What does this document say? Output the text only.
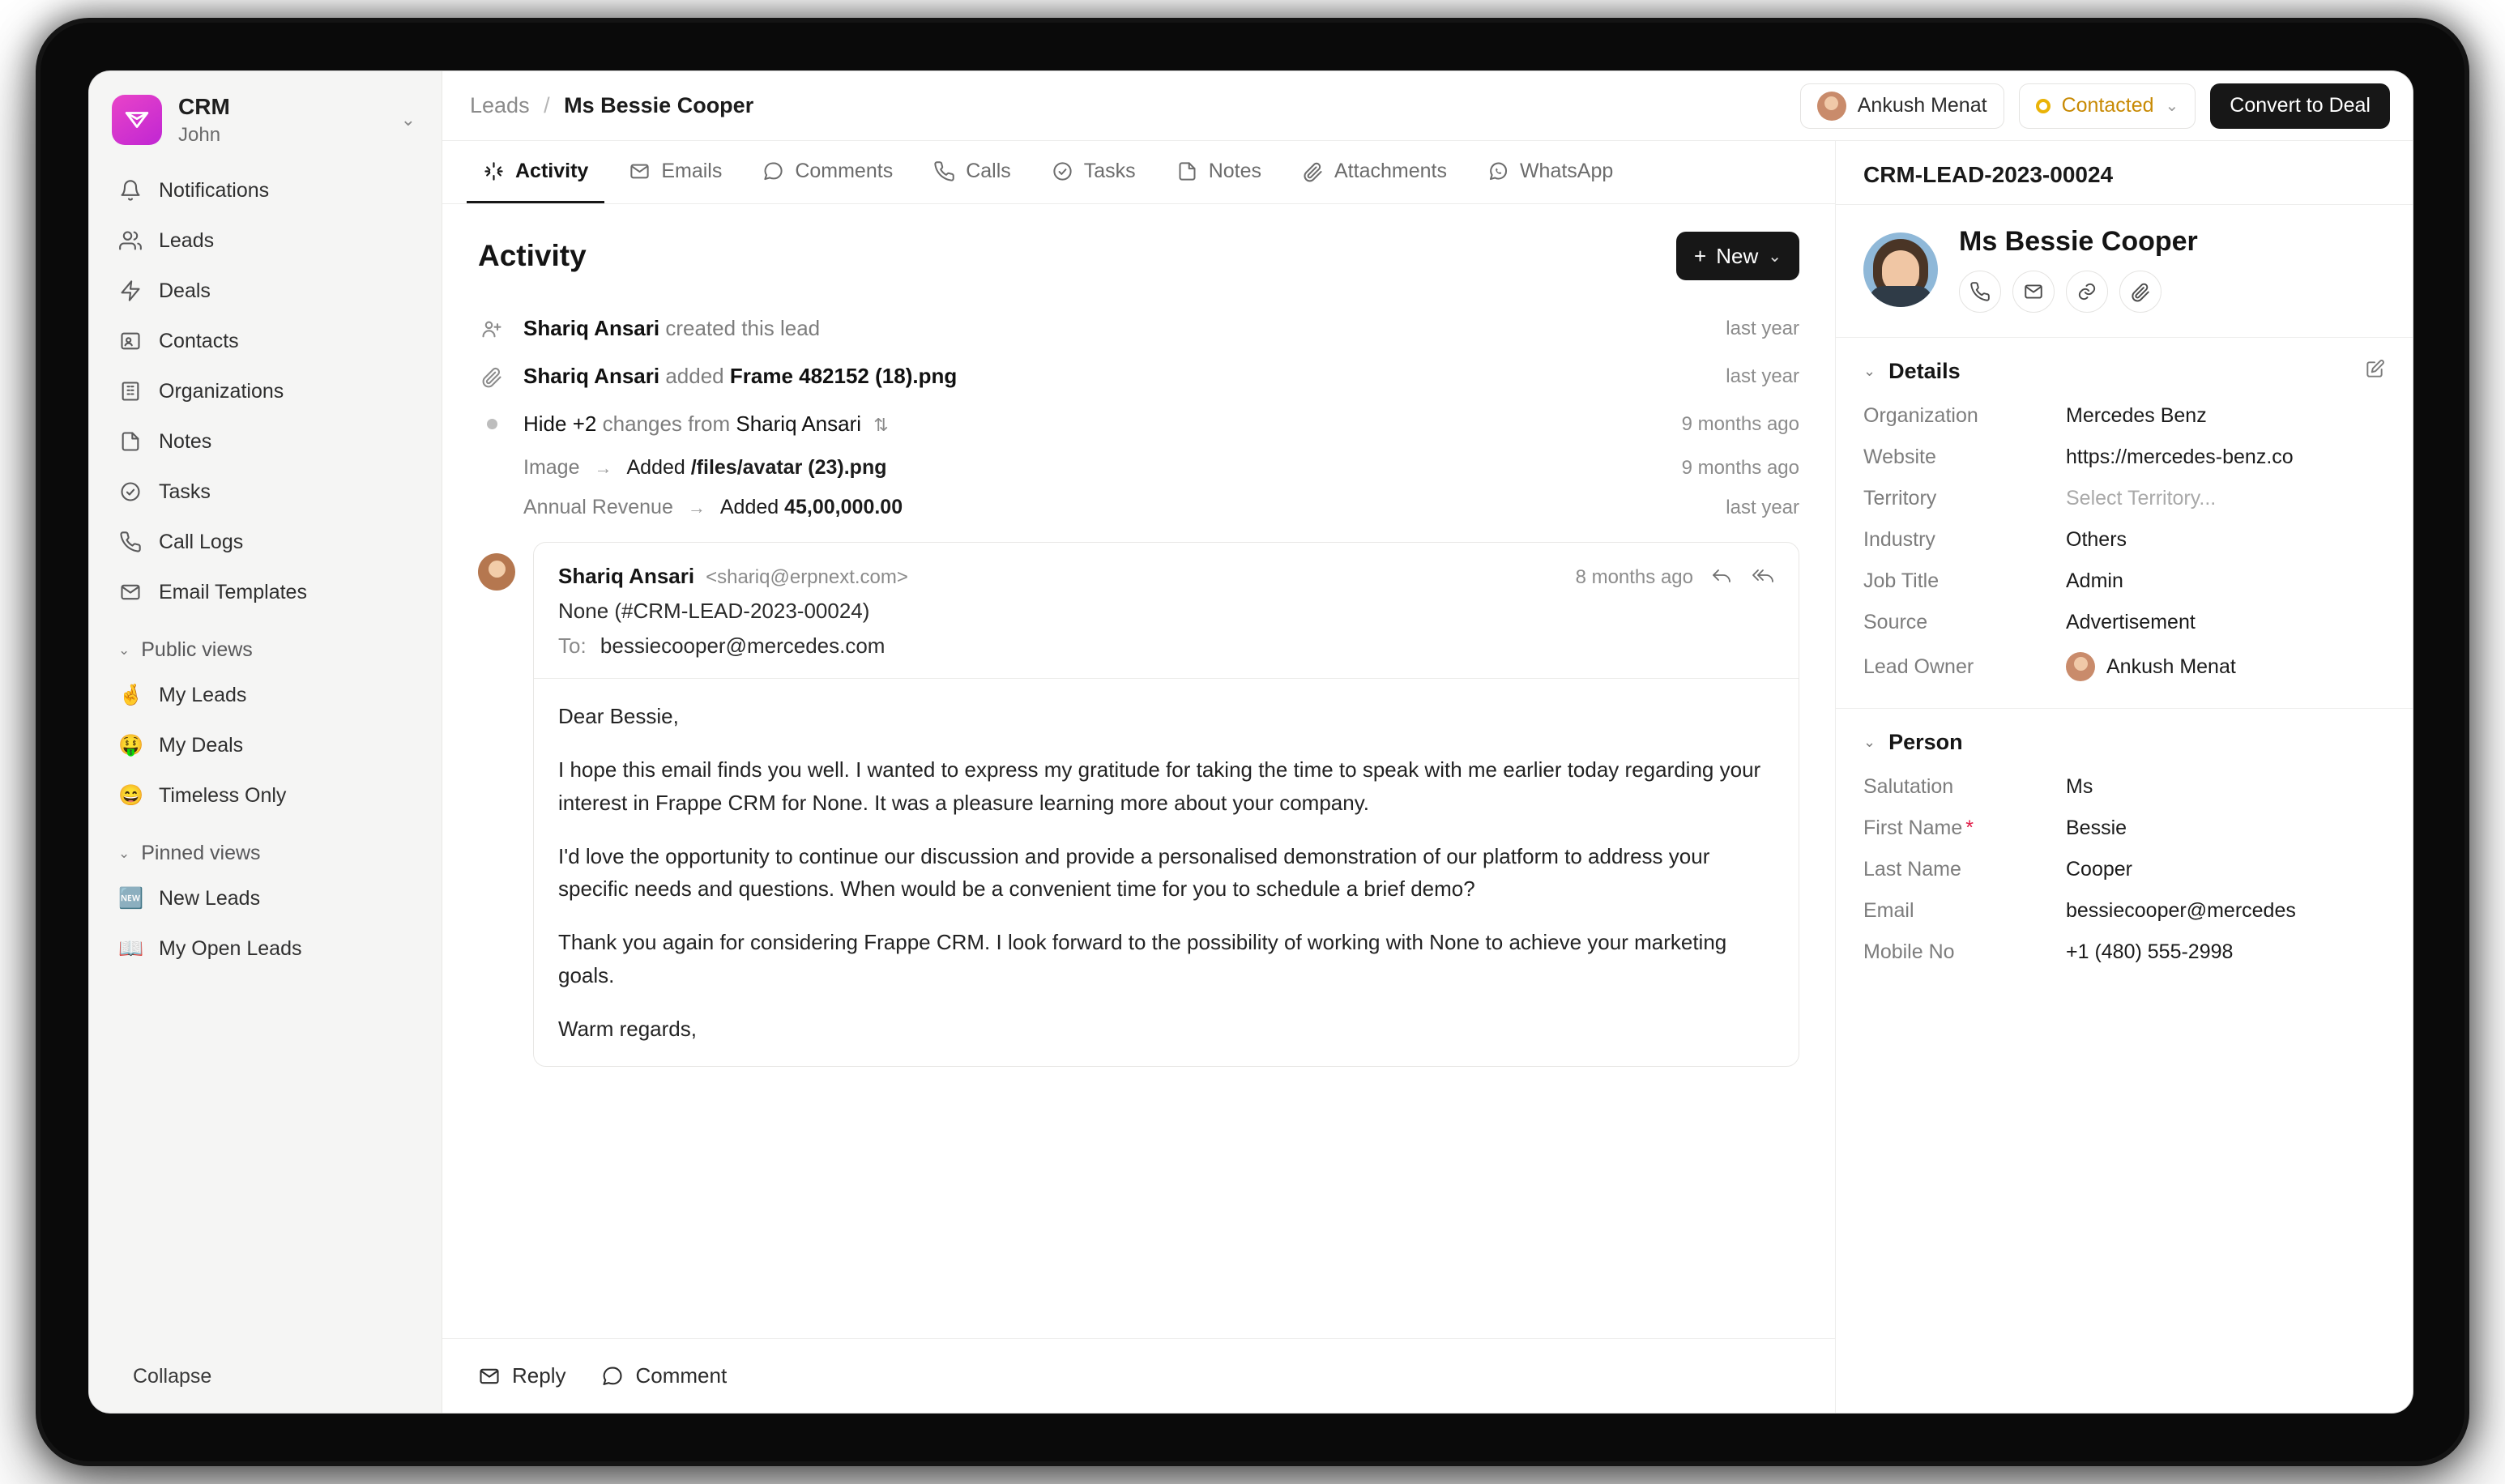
CRM
John
⌄
Notifications
Leads
Deals
Contacts
Organizations
Notes
Tasks
Call Logs
Email Templates
⌄ Public views
🤞 My Leads
🤑 My Deals
😄 Timeless Only
⌄ Pinned views
🆕 New Leads
📖 My Open Leads
Collapse
Leads / Ms Bessie Cooper	Ankush Menat	Contacted ⌄	Convert to Deal
Activity	Emails	Comments	Calls	Tasks	Notes	Attachments	WhatsApp
Activity	+ New ⌄
Shariq Ansari created this lead	last year
Shariq Ansari added Frame 482152 (18).png	last year
Hide +2 changes from Shariq Ansari ⇅	9 months ago
Image → Added /files/avatar (23).png	9 months ago
Annual Revenue → Added 45,00,000.00	last year
Shariq Ansari <shariq@erpnext.com>	8 months ago
None (#CRM-LEAD-2023-00024)
To: bessiecooper@mercedes.com

Dear Bessie,

I hope this email finds you well. I wanted to express my gratitude for taking the time to speak with me earlier today regarding your interest in Frappe CRM for None. It was a pleasure learning more about your company.

I'd love the opportunity to continue our discussion and provide a personalised demonstration of our platform to address your specific needs and questions. When would be a convenient time for you to schedule a brief demo?

Thank you again for considering Frappe CRM. I look forward to the possibility of working with None to achieve your marketing goals.

Warm regards,

Reply	Comment
CRM-LEAD-2023-00024
Ms Bessie Cooper
⌄ Details
Organization	Mercedes Benz
Website	https://mercedes-benz.co
Territory	Select Territory...
Industry	Others
Job Title	Admin
Source	Advertisement
Lead Owner	Ankush Menat
⌄ Person
Salutation	Ms
First Name *	Bessie
Last Name	Cooper
Email	bessiecooper@mercedes
Mobile No	+1 (480) 555-2998
